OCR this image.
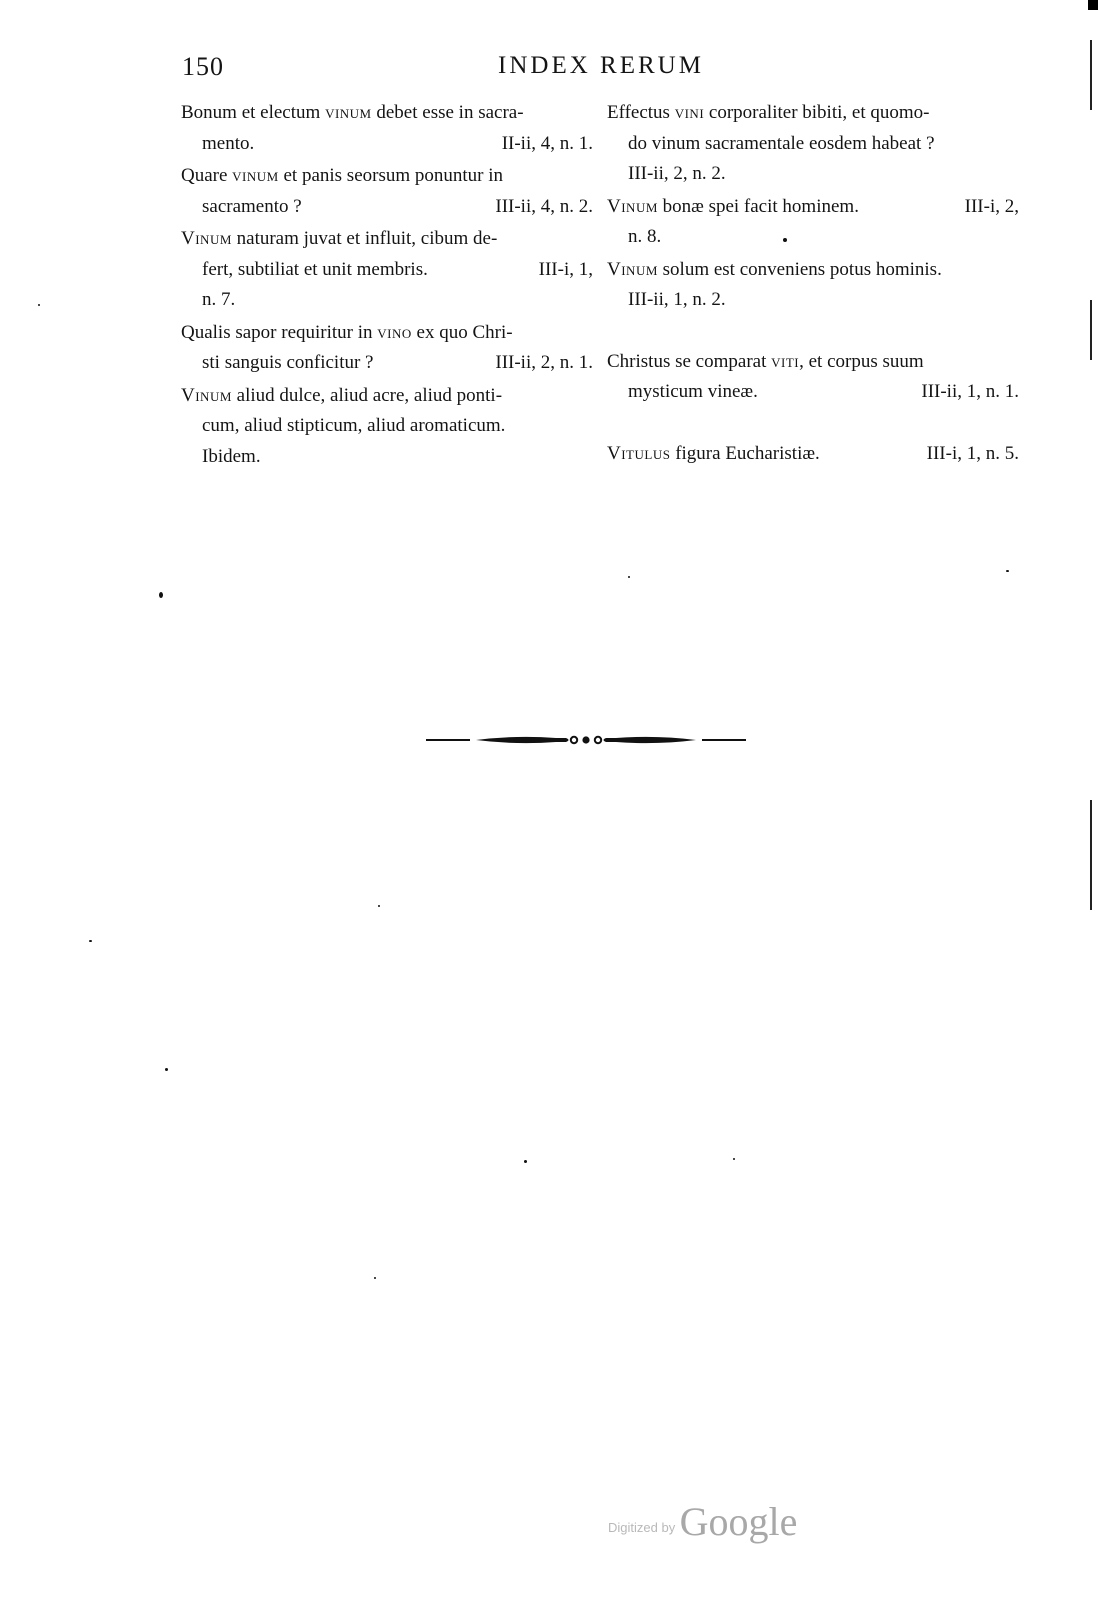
150	INDEX RERUM
Bonum et electum vinum debet esse in sacra-
mento.	II-ii, 4, n. 1.
Quare vinum et panis seorsum ponuntur in
sacramento ?	III-ii, 4, n. 2.
Vinum naturam juvat et influit, cibum de-
fert, subtiliat et unit membris.	III-i, 1,
n. 7.
Qualis sapor requiritur in vino ex quo Chri-
sti sanguis conficitur ?	III-ii, 2, n. 1.
Vinum aliud dulce, aliud acre, aliud ponti-
cum, aliud stipticum, aliud aromaticum.
Ibidem.
Effectus vini corporaliter bibiti, et quomo-
do vinum sacramentale eosdem habeat ?
III-ii, 2, n. 2.
Vinum bonæ spei facit hominem.	III-i, 2,
n. 8.
Vinum solum est conveniens potus hominis.
III-ii, 1, n. 2.
Christus se comparat viti, et corpus suum
mysticum vineæ.	III-ii, 1, n. 1.
Vitulus figura Eucharistiæ.	III-i, 1, n. 5.
Digitized by Google
